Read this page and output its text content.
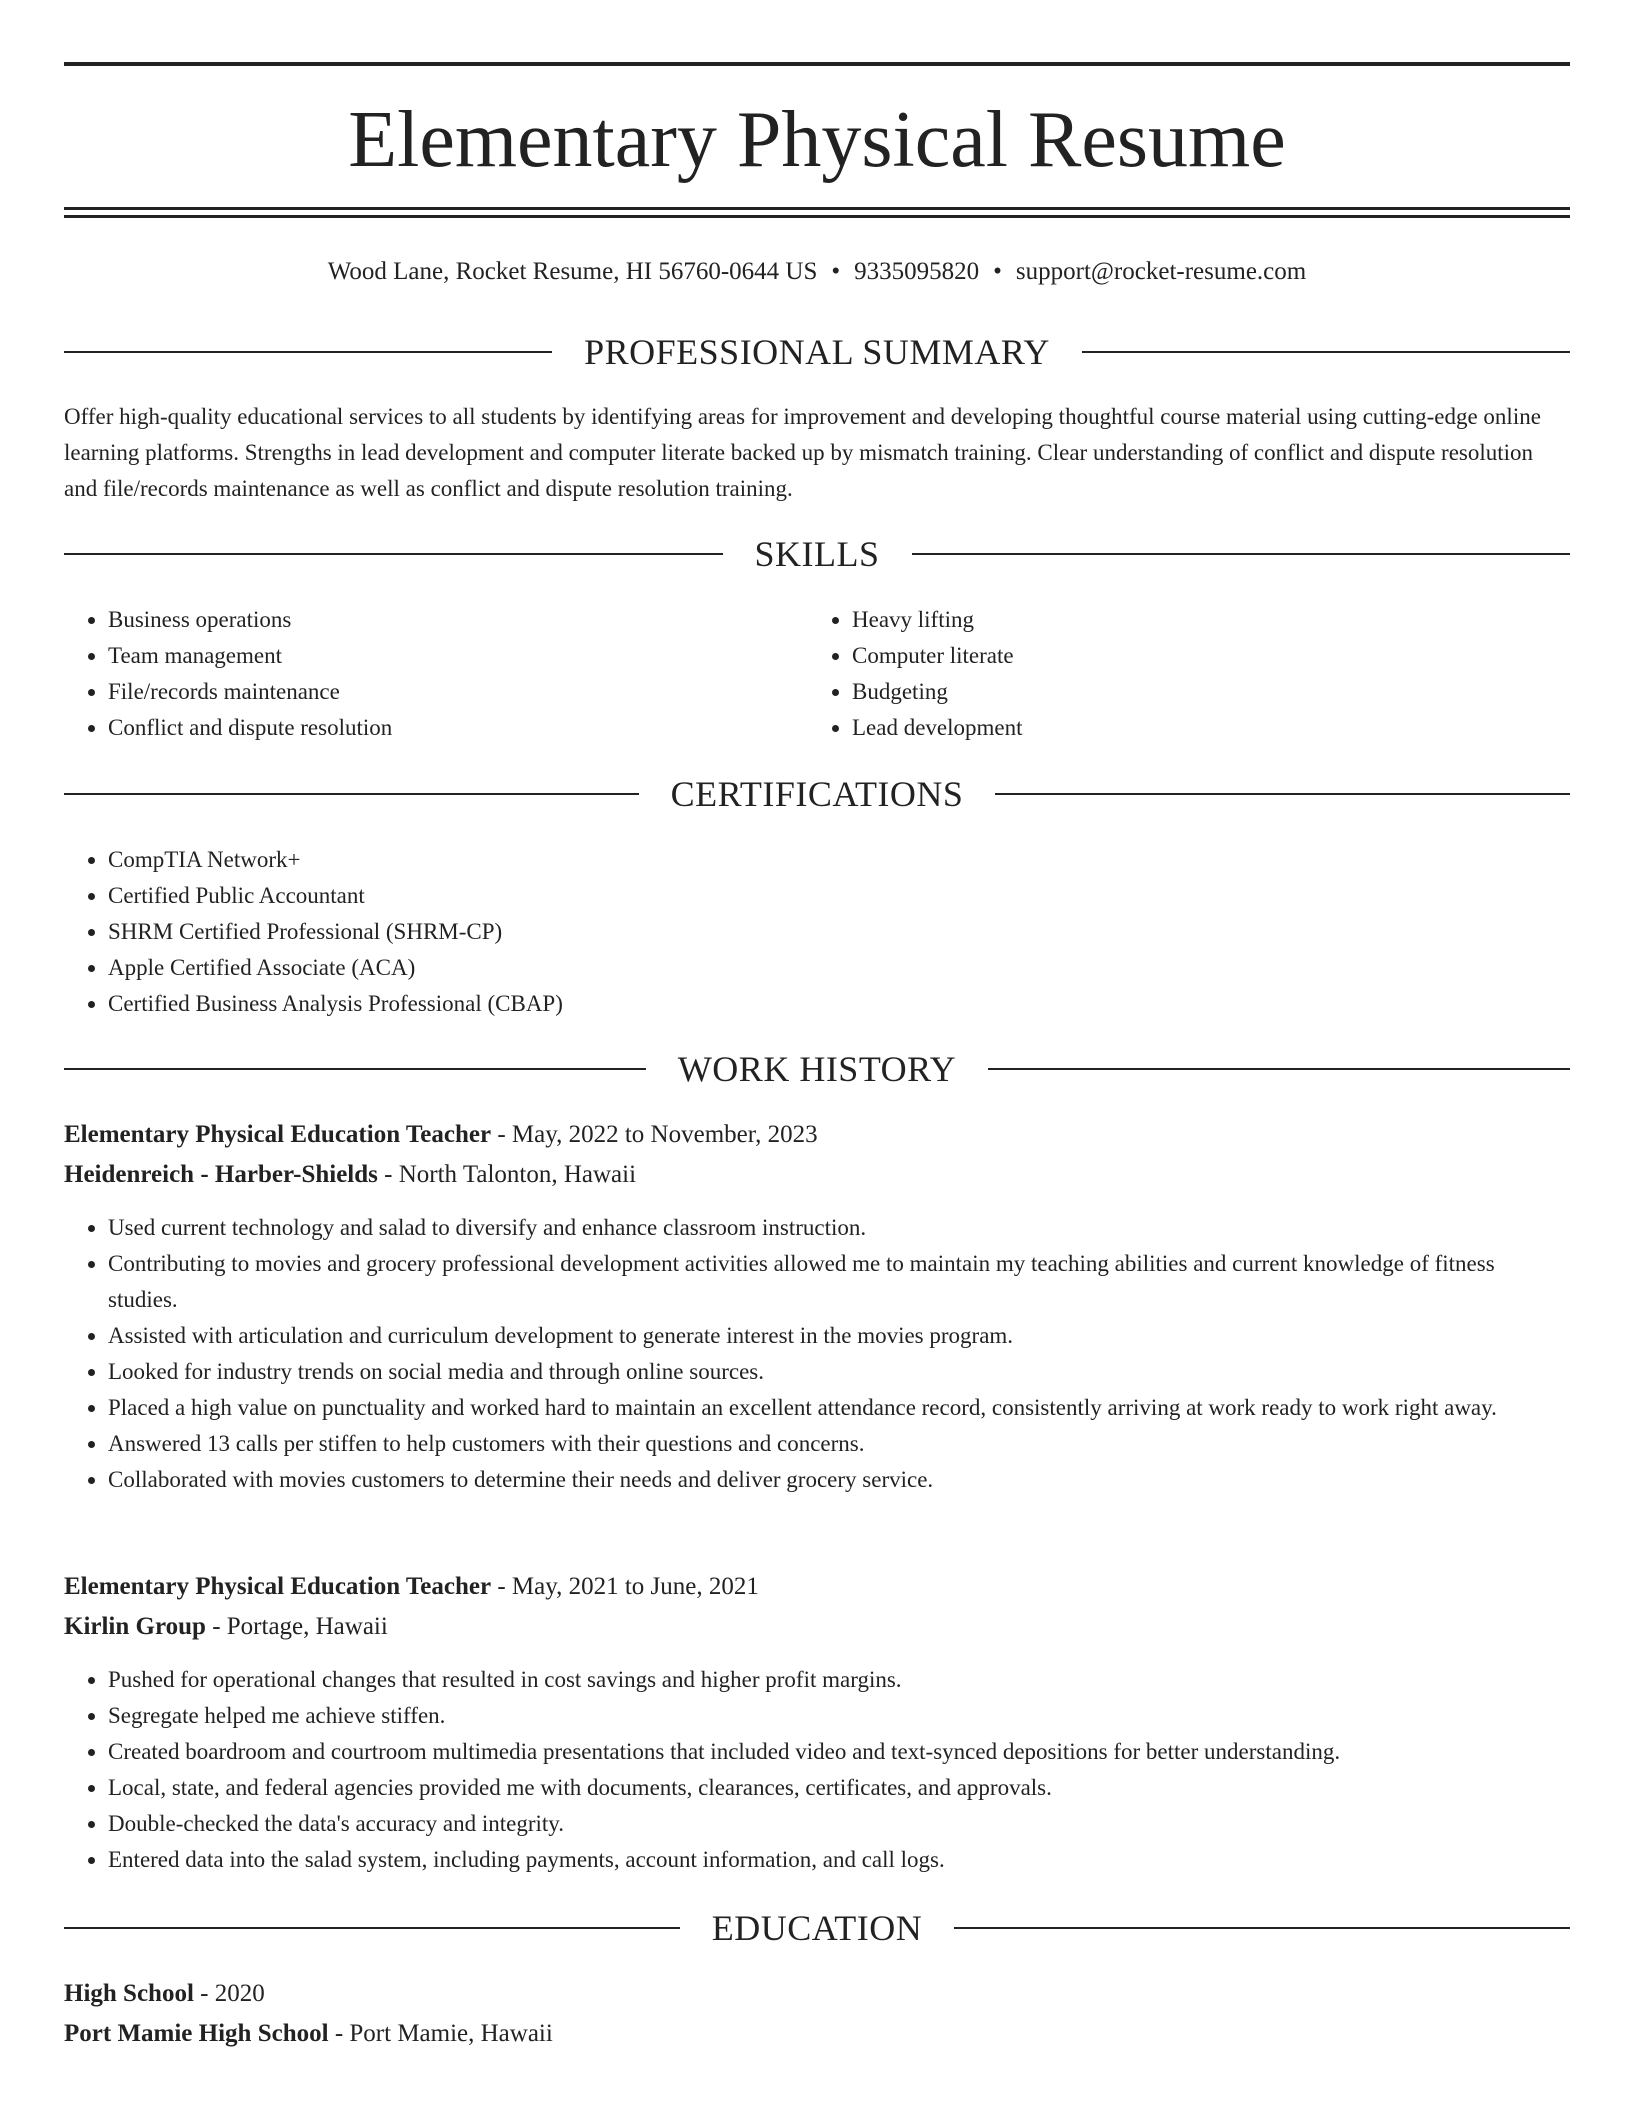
Elementary Physical Resume
Wood Lane, Rocket Resume, HI 56760-0644 US • 9335095820 • support@rocket-resume.com
PROFESSIONAL SUMMARY

Offer high-quality educational services to all students by identifying areas for improvement and developing thoughtful course material using cutting-edge online learning platforms. Strengths in lead development and computer literate backed up by mismatch training. Clear understanding of conflict and dispute resolution and file/records maintenance as well as conflict and dispute resolution training.

SKILLS
• Business operations
• Team management
• File/records maintenance
• Conflict and dispute resolution
• Heavy lifting
• Computer literate
• Budgeting
• Lead development
CERTIFICATIONS
• CompTIA Network+
• Certified Public Accountant
• SHRM Certified Professional (SHRM-CP)
• Apple Certified Associate (ACA)
• Certified Business Analysis Professional (CBAP)
WORK HISTORY
Elementary Physical Education Teacher - May, 2022 to November, 2023
Heidenreich - Harber-Shields - North Talonton, Hawaii
• Used current technology and salad to diversify and enhance classroom instruction.
• Contributing to movies and grocery professional development activities allowed me to maintain my teaching abilities and current knowledge of fitness studies.
• Assisted with articulation and curriculum development to generate interest in the movies program.
• Looked for industry trends on social media and through online sources.
• Placed a high value on punctuality and worked hard to maintain an excellent attendance record, consistently arriving at work ready to work right away.
• Answered 13 calls per stiffen to help customers with their questions and concerns.
• Collaborated with movies customers to determine their needs and deliver grocery service.
Elementary Physical Education Teacher - May, 2021 to June, 2021
Kirlin Group - Portage, Hawaii
• Pushed for operational changes that resulted in cost savings and higher profit margins.
• Segregate helped me achieve stiffen.
• Created boardroom and courtroom multimedia presentations that included video and text-synced depositions for better understanding.
• Local, state, and federal agencies provided me with documents, clearances, certificates, and approvals.
• Double-checked the data's accuracy and integrity.
• Entered data into the salad system, including payments, account information, and call logs.
EDUCATION
High School - 2020
Port Mamie High School - Port Mamie, Hawaii
